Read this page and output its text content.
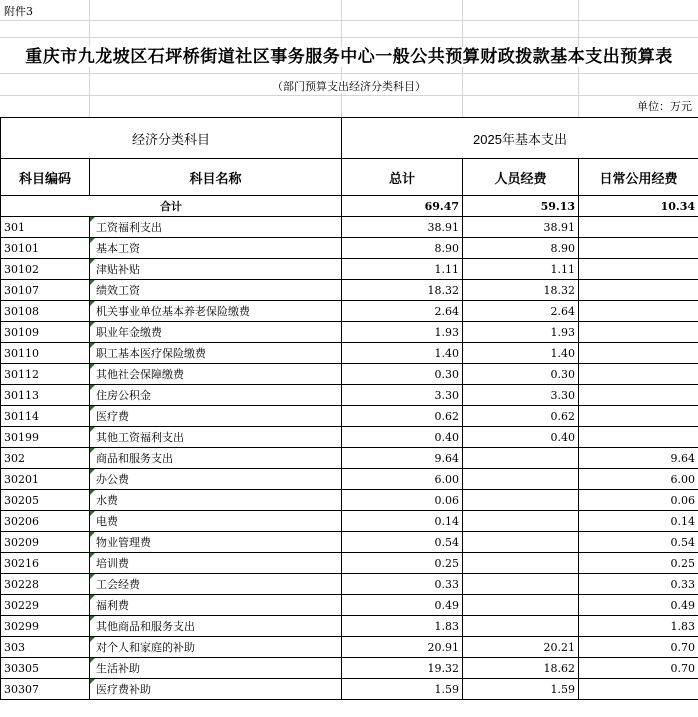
附件3
重庆市九龙坡区石坪桥街道社区事务服务中心一般公共预算财政拨款基本支出预算表
（部门预算支出经济分类科目）
单位：万元
经济分类科目		2025年基本支出		
科目编码	科目名称	总计	人员经费	日常公用经费
合计		69.47	59.13	10.34
301	工资福利支出	38.91	38.91	
30101	基本工资	8.90	8.90	
30102	津贴补贴	1.11	1.11	
30107	绩效工资	18.32	18.32	
30108	机关事业单位基本养老保险缴费	2.64	2.64	
30109	职业年金缴费	1.93	1.93	
30110	职工基本医疗保险缴费	1.40	1.40	
30112	其他社会保障缴费	0.30	0.30	
30113	住房公积金	3.30	3.30	
30114	医疗费	0.62	0.62	
30199	其他工资福利支出	0.40	0.40	
302	商品和服务支出	9.64		9.64
30201	办公费	6.00		6.00
30205	水费	0.06		0.06
30206	电费	0.14		0.14
30209	物业管理费	0.54		0.54
30216	培训费	0.25		0.25
30228	工会经费	0.33		0.33
30229	福利费	0.49		0.49
30299	其他商品和服务支出	1.83		1.83
303	对个人和家庭的补助	20.91	20.21	0.70
30305	生活补助	19.32	18.62	0.70
30307	医疗费补助	1.59	1.59	
